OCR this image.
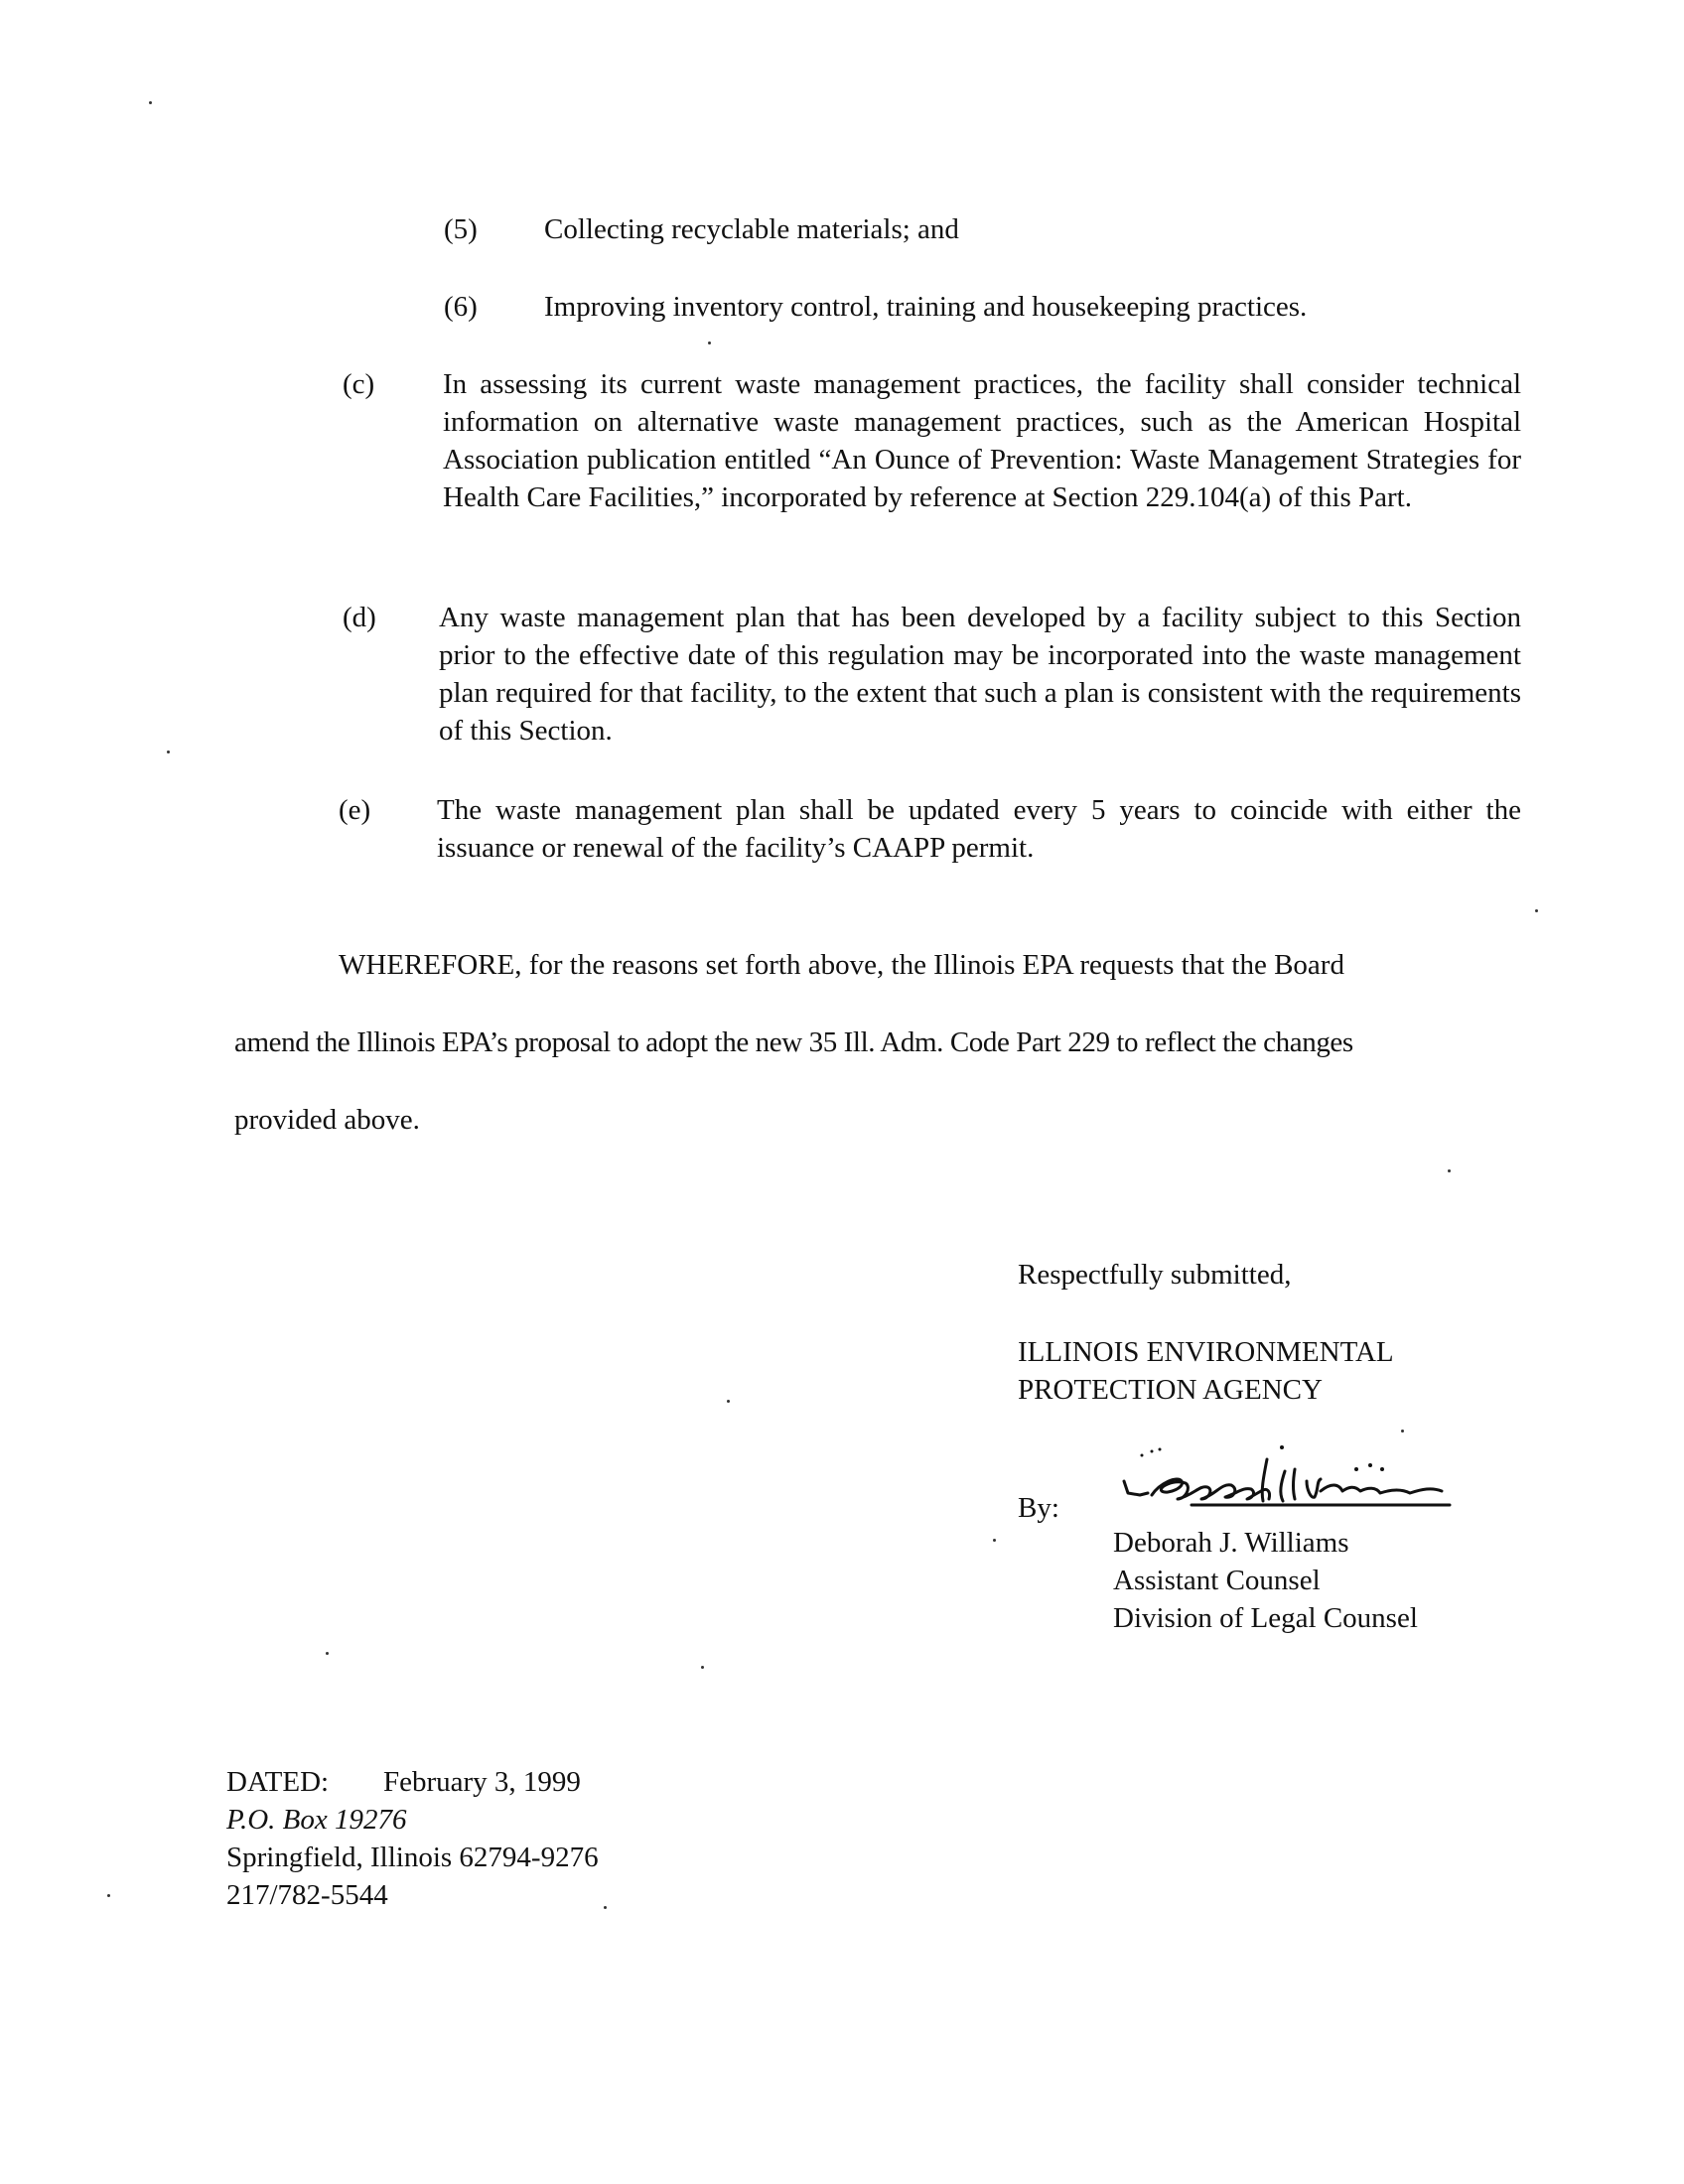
(5) Collecting recyclable materials; and
(6) Improving inventory control, training and housekeeping practices.
(c) In assessing its current waste management practices, the facility shall consider technical information on alternative waste management practices, such as the American Hospital Association publication entitled “An Ounce of Prevention: Waste Management Strategies for Health Care Facilities,” incorporated by reference at Section 229.104(a) of this Part.
(d) Any waste management plan that has been developed by a facility subject to this Section prior to the effective date of this regulation may be incorporated into the waste management plan required for that facility, to the extent that such a plan is consistent with the requirements of this Section.
(e) The waste management plan shall be updated every 5 years to coincide with either the issuance or renewal of the facility’s CAAPP permit.
WHEREFORE, for the reasons set forth above, the Illinois EPA requests that the Board
amend the Illinois EPA’s proposal to adopt the new 35 Ill. Adm. Code Part 229 to reflect the changes
provided above.
Respectfully submitted,
ILLINOIS ENVIRONMENTAL
PROTECTION AGENCY
By:
Deborah J. Williams
Assistant Counsel
Division of Legal Counsel
DATED: February 3, 1999
P.O. Box 19276
Springfield, Illinois 62794-9276
217/782-5544
